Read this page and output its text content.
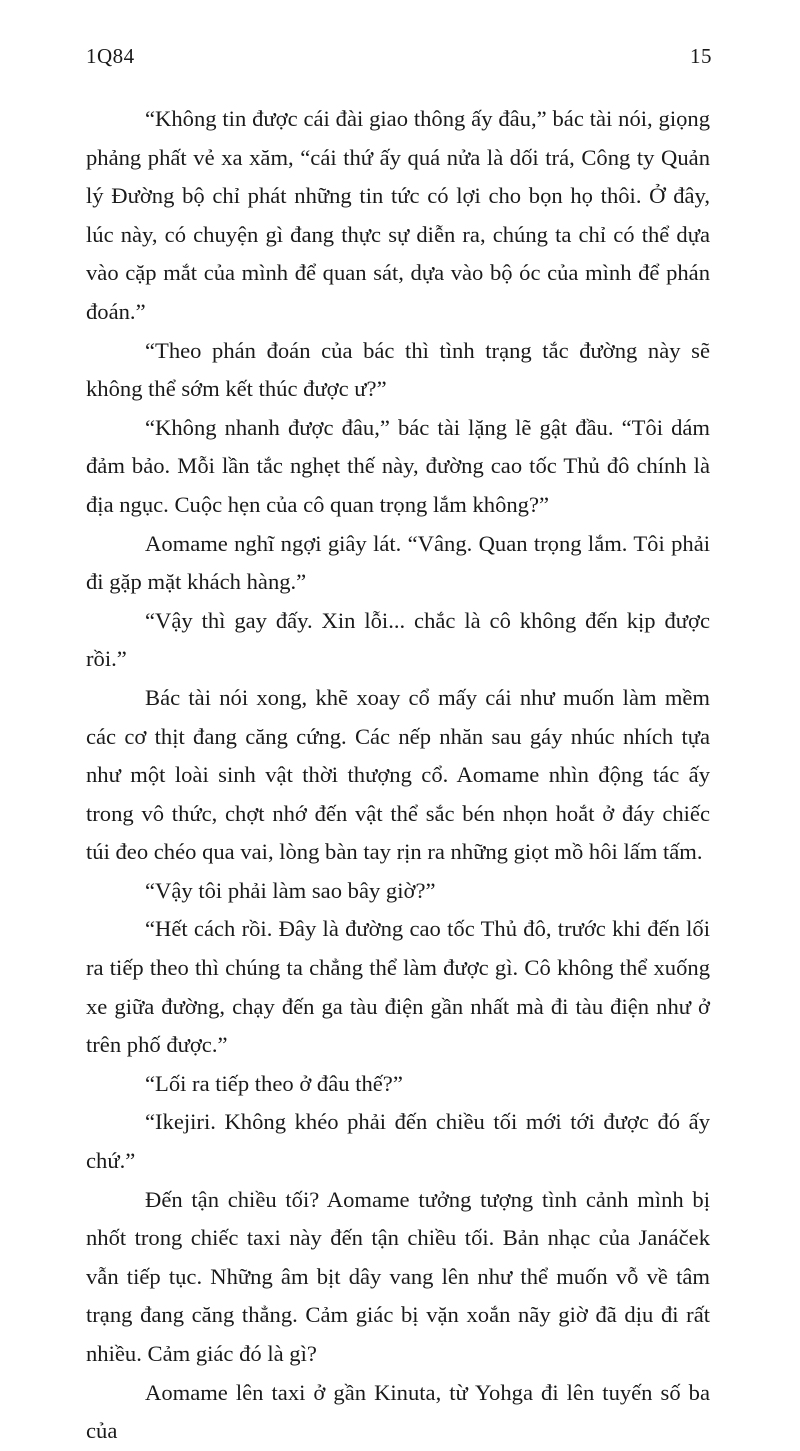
1Q84	15

“Không tin được cái đài giao thông ấy đâu,” bác tài nói, giọng phảng phất vẻ xa xăm, “cái thứ ấy quá nửa là dối trá, Công ty Quản lý Đường bộ chỉ phát những tin tức có lợi cho bọn họ thôi. Ở đây, lúc này, có chuyện gì đang thực sự diễn ra, chúng ta chỉ có thể dựa vào cặp mắt của mình để quan sát, dựa vào bộ óc của mình để phán đoán.”

“Theo phán đoán của bác thì tình trạng tắc đường này sẽ không thể sớm kết thúc được ư?”

“Không nhanh được đâu,” bác tài lặng lẽ gật đầu. “Tôi dám đảm bảo. Mỗi lần tắc nghẹt thế này, đường cao tốc Thủ đô chính là địa ngục. Cuộc hẹn của cô quan trọng lắm không?”

Aomame nghĩ ngợi giây lát. “Vâng. Quan trọng lắm. Tôi phải đi gặp mặt khách hàng.”

“Vậy thì gay đấy. Xin lỗi... chắc là cô không đến kịp được rồi.”

Bác tài nói xong, khẽ xoay cổ mấy cái như muốn làm mềm các cơ thịt đang căng cứng. Các nếp nhăn sau gáy nhúc nhích tựa như một loài sinh vật thời thượng cổ. Aomame nhìn động tác ấy trong vô thức, chợt nhớ đến vật thể sắc bén nhọn hoắt ở đáy chiếc túi đeo chéo qua vai, lòng bàn tay rịn ra những giọt mồ hôi lấm tấm.

“Vậy tôi phải làm sao bây giờ?”

“Hết cách rồi. Đây là đường cao tốc Thủ đô, trước khi đến lối ra tiếp theo thì chúng ta chẳng thể làm được gì. Cô không thể xuống xe giữa đường, chạy đến ga tàu điện gần nhất mà đi tàu điện như ở trên phố được.”

“Lối ra tiếp theo ở đâu thế?”

“Ikejiri. Không khéo phải đến chiều tối mới tới được đó ấy chứ.”

Đến tận chiều tối? Aomame tưởng tượng tình cảnh mình bị nhốt trong chiếc taxi này đến tận chiều tối. Bản nhạc của Janáček vẫn tiếp tục. Những âm bịt dây vang lên như thể muốn vỗ về tâm trạng đang căng thẳng. Cảm giác bị vặn xoắn nãy giờ đã dịu đi rất nhiều. Cảm giác đó là gì?

Aomame lên taxi ở gần Kinuta, từ Yohga đi lên tuyến số ba của
